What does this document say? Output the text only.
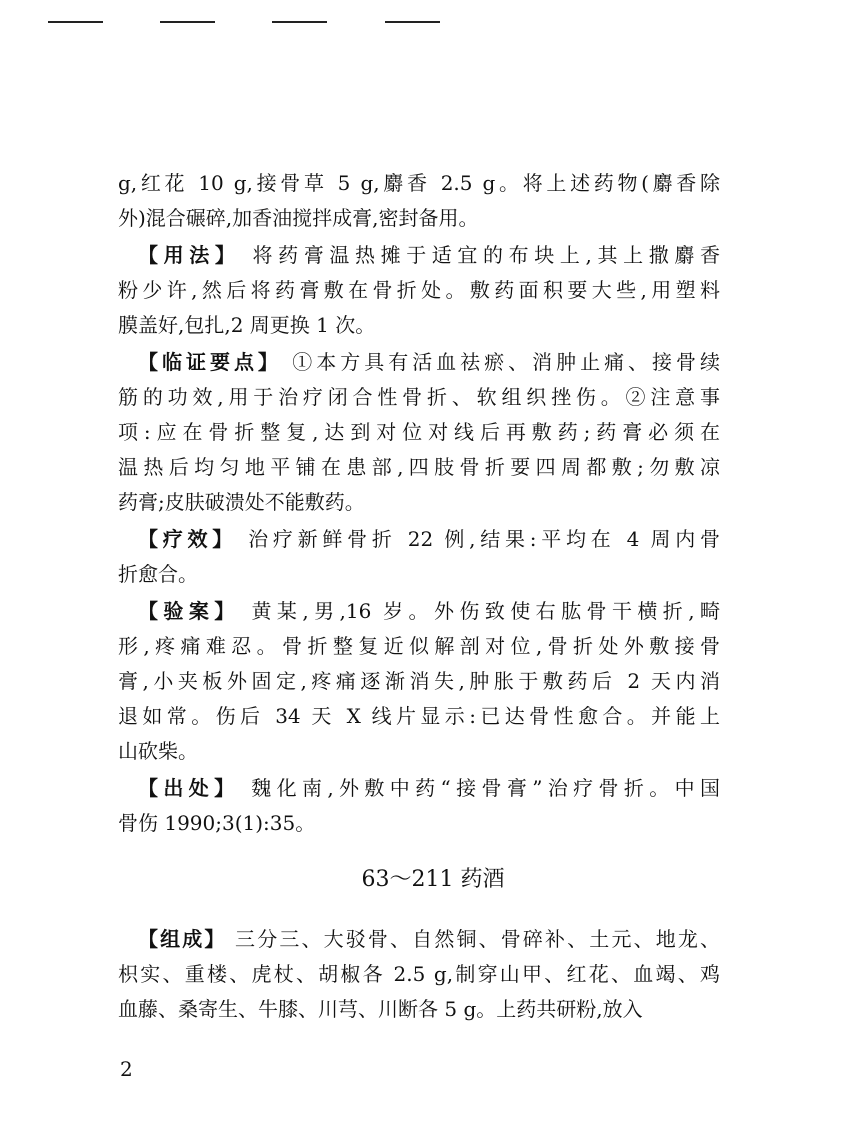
g,红花 10 g,接骨草 5 g,麝香 2.5 g。将上述药物(麝香除
外)混合碾碎,加香油搅拌成膏,密封备用。
【用法】 将药膏温热摊于适宜的布块上,其上撒麝香
粉少许,然后将药膏敷在骨折处。敷药面积要大些,用塑料
膜盖好,包扎,2 周更换 1 次。
【临证要点】 ①本方具有活血祛瘀、消肿止痛、接骨续
筋的功效,用于治疗闭合性骨折、软组织挫伤。②注意事
项:应在骨折整复,达到对位对线后再敷药;药膏必须在
温热后均匀地平铺在患部,四肢骨折要四周都敷;勿敷凉
药膏;皮肤破溃处不能敷药。
【疗效】 治疗新鲜骨折 22 例,结果:平均在 4 周内骨
折愈合。
【验案】 黄某,男,16 岁。外伤致使右肱骨干横折,畸
形,疼痛难忍。骨折整复近似解剖对位,骨折处外敷接骨
膏,小夹板外固定,疼痛逐渐消失,肿胀于敷药后 2 天内消
退如常。伤后 34 天 X 线片显示:已达骨性愈合。并能上
山砍柴。
【出处】 魏化南,外敷中药“接骨膏”治疗骨折。中国
骨伤 1990;3(1):35。
63～211 药酒
【组成】 三分三、大驳骨、自然铜、骨碎补、土元、地龙、
枳实、重楼、虎杖、胡椒各 2.5 g,制穿山甲、红花、血竭、鸡
血藤、桑寄生、牛膝、川芎、川断各 5 g。上药共研粉,放入
2
